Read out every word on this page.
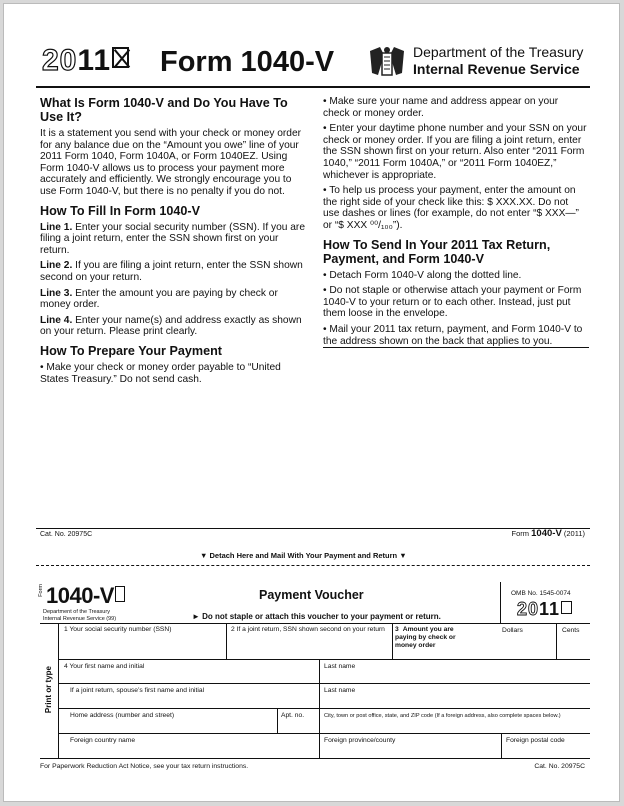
2011	Form 1040-V	Department of the Treasury
Internal Revenue Service
What Is Form 1040-V and Do You Have To Use It?

It is a statement you send with your check or money order for any balance due on the “Amount you owe” line of your 2011 Form 1040, Form 1040A, or Form 1040EZ. Using Form 1040-V allows us to process your payment more accurately and efficiently. We strongly encourage you to use Form 1040-V, but there is no penalty if you do not.

How To Fill In Form 1040-V

Line 1. Enter your social security number (SSN). If you are filing a joint return, enter the SSN shown first on your return.

Line 2. If you are filing a joint return, enter the SSN shown second on your return.

Line 3. Enter the amount you are paying by check or money order.

Line 4. Enter your name(s) and address exactly as shown on your return. Please print clearly.

How To Prepare Your Payment

• Make your check or money order payable to “United States Treasury.” Do not send cash.

• Make sure your name and address appear on your check or money order.

• Enter your daytime phone number and your SSN on your check or money order. If you are filing a joint return, enter the SSN shown first on your return. Also enter “2011 Form 1040,” “2011 Form 1040A,” or “2011 Form 1040EZ,” whichever is appropriate.

• To help us process your payment, enter the amount on the right side of your check like this: $ XXX.XX. Do not use dashes or lines (for example, do not enter “$ XXX—” or “$ XXX ⁰⁰/₁₀₀”).

How To Send In Your 2011 Tax Return, Payment, and Form 1040-V

• Detach Form 1040-V along the dotted line.

• Do not staple or otherwise attach your payment or Form 1040-V to your return or to each other. Instead, just put them loose in the envelope.

• Mail your 2011 tax return, payment, and Form 1040-V to the address shown on the back that applies to you.

Cat. No. 20975C	Form 1040-V (2011)
▼ Detach Here and Mail With Your Payment and Return ▼
Form 1040-V
Department of the Treasury
Internal Revenue Service (99)
Payment Voucher
► Do not staple or attach this voucher to your payment or return.
OMB No. 1545-0074
2011
1 Your social security number (SSN)	2 If a joint return, SSN shown second on your return 3 Amount you are paying by check or money order
Dollars	Cents
Print or type 4 Your first name and initial	Last name
If a joint return, spouse’s first name and initial	Last name
Home address (number and street)	Apt. no.	City, town or post office, state, and ZIP code (If a foreign address, also complete spaces below.)
Foreign country name	Foreign province/county	Foreign postal code
For Paperwork Reduction Act Notice, see your tax return instructions.	Cat. No. 20975C
